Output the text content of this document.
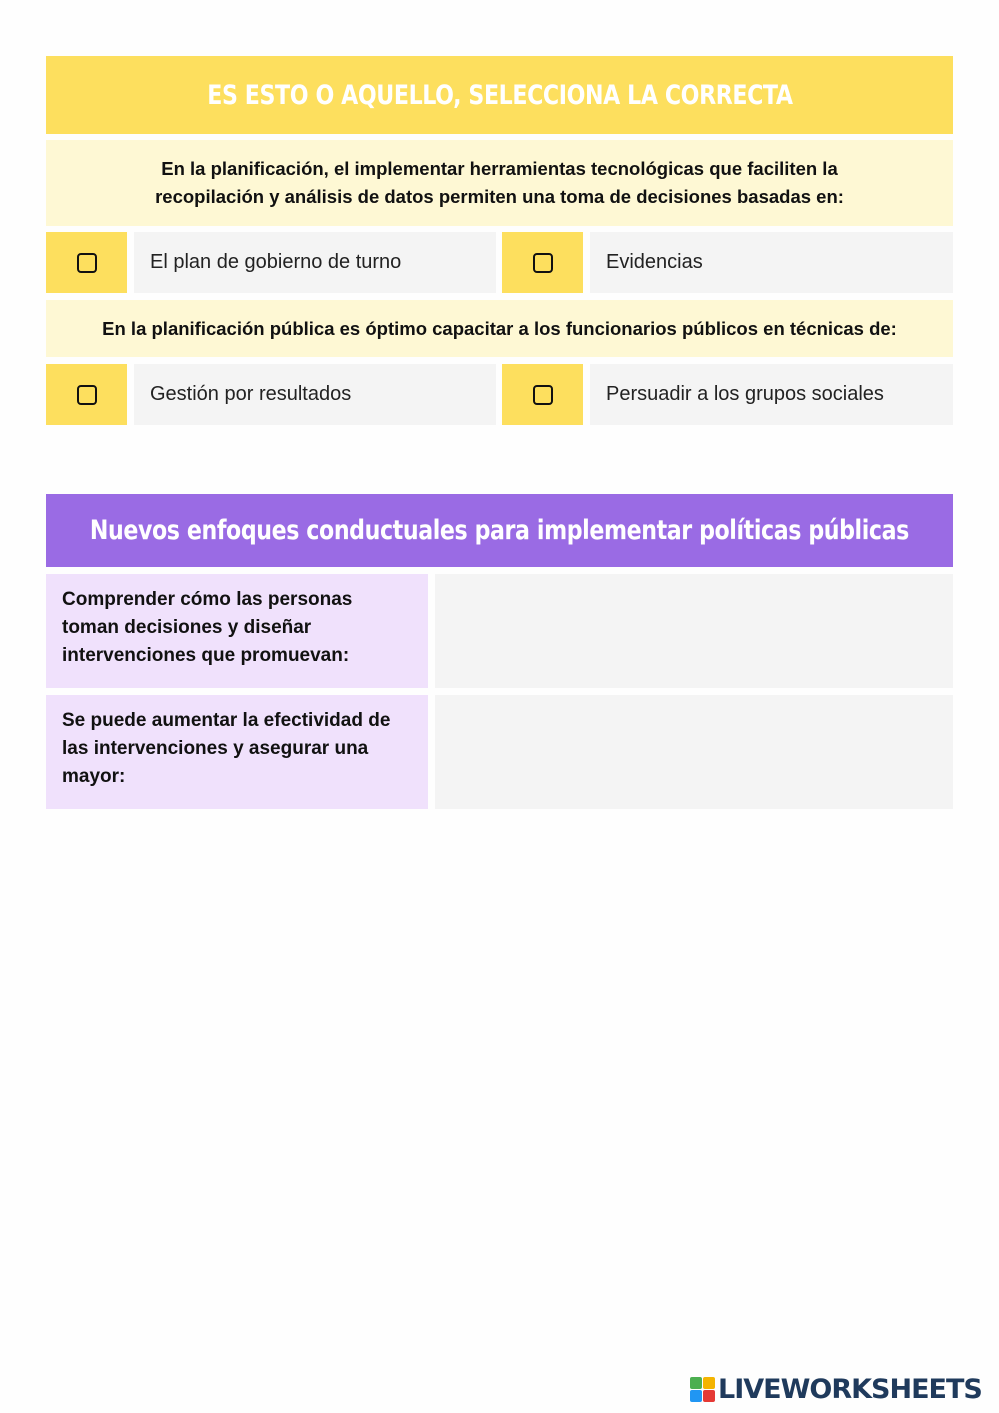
ES ESTO O AQUELLO, SELECCIONA LA CORRECTA
En la planificación, el implementar herramientas tecnológicas que faciliten la recopilación y análisis de datos permiten una toma de decisiones basadas en:
El plan de gobierno de turno	Evidencias
En la planificación pública es óptimo capacitar a los funcionarios públicos en técnicas de:
Gestión por resultados	Persuadir a los grupos sociales
Nuevos enfoques conductuales para implementar políticas públicas
Comprender cómo las personas toman decisiones y diseñar intervenciones que promuevan:
Se puede aumentar la efectividad de las intervenciones y asegurar una mayor:
LIVEWORKSHEETS
